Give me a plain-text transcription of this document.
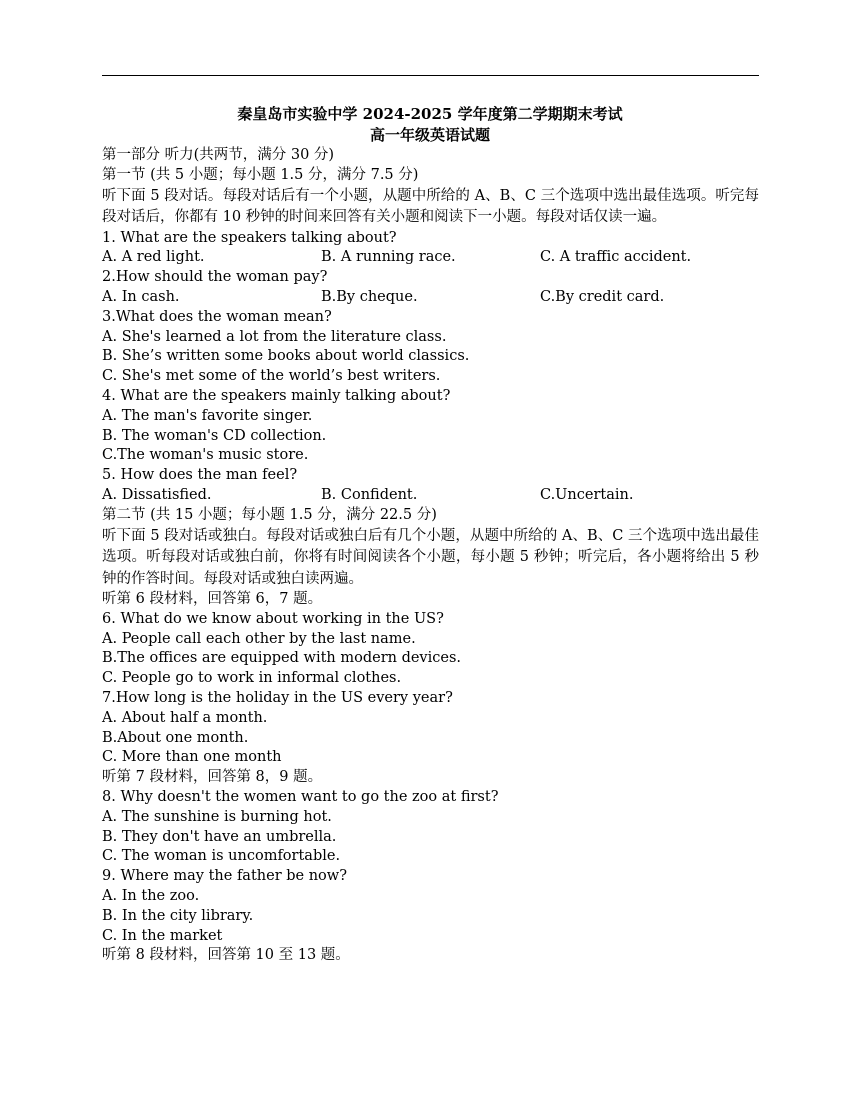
秦皇岛市实验中学 2024-2025 学年度第二学期期末考试
高一年级英语试题
第一部分 听力(共两节，满分 30 分)
第一节 (共 5 小题；每小题 1.5 分，满分 7.5 分)
听下面 5 段对话。每段对话后有一个小题，从题中所给的 A、B、C 三个选项中选出最佳选项。听完每段对话后，你都有 10 秒钟的时间来回答有关小题和阅读下一小题。每段对话仅读一遍。
1. What are the speakers talking about?
A. A red light.	B. A running race.	C. A traffic accident.
2.How should the woman pay?
A. In cash.	B.By cheque.	C.By credit card.
3.What does the woman mean?
A. She's learned a lot from the literature class.
B. She’s written some books about world classics.
C. She's met some of the world’s best writers.
4. What are the speakers mainly talking about?
A. The man's favorite singer.
B. The woman's CD collection.
C.The woman's music store.
5. How does the man feel?
A. Dissatisfied.	B. Confident.	C.Uncertain.
第二节 (共 15 小题；每小题 1.5 分，满分 22.5 分)
听下面 5 段对话或独白。每段对话或独白后有几个小题，从题中所给的 A、B、C 三个选项中选出最佳选项。听每段对话或独白前，你将有时间阅读各个小题，每小题 5 秒钟；听完后，各小题将给出 5 秒钟的作答时间。每段对话或独白读两遍。
听第 6 段材料，回答第 6，7 题。
6. What do we know about working in the US?
A. People call each other by the last name.
B.The offices are equipped with modern devices.
C. People go to work in informal clothes.
7.How long is the holiday in the US every year?
A. About half a month.
B.About one month.
C. More than one month
听第 7 段材料，回答第 8，9 题。
8. Why doesn't the women want to go the zoo at first?
A. The sunshine is burning hot.
B. They don't have an umbrella.
C. The woman is uncomfortable.
9. Where may the father be now?
A. In the zoo.
B. In the city library.
C. In the market
听第 8 段材料，回答第 10 至 13 题。
